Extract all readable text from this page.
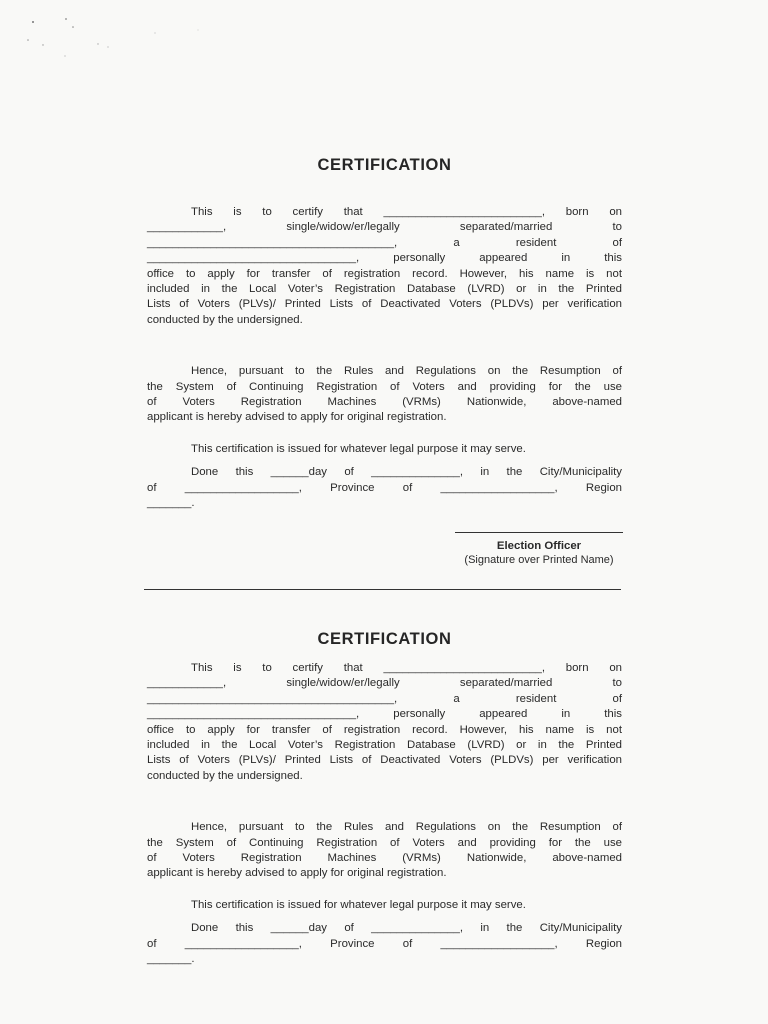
CERTIFICATION

This is to certify that _________________________, born on

____________, single/widow/er/legally separated/married to

_______________________________________, a resident of

_________________________________, personally appeared in this

office to apply for transfer of registration record. However, his name is not

included in the Local Voter’s Registration Database (LVRD) or in the Printed

Lists of Voters (PLVs)/ Printed Lists of Deactivated Voters (PLDVs) per verification

conducted by the undersigned.

Hence, pursuant to the Rules and Regulations on the Resumption of

the System of Continuing Registration of Voters and providing for the use

of Voters Registration Machines (VRMs) Nationwide, above-named

applicant is hereby advised to apply for original registration.

This certification is issued for whatever legal purpose it may serve.

Done this ______day of ______________, in the City/Municipality

of __________________, Province of __________________, Region

_______.

Election Officer
(Signature over Printed Name)
CERTIFICATION

This is to certify that _________________________, born on

____________, single/widow/er/legally separated/married to

_______________________________________, a resident of

_________________________________, personally appeared in this

office to apply for transfer of registration record. However, his name is not

included in the Local Voter’s Registration Database (LVRD) or in the Printed

Lists of Voters (PLVs)/ Printed Lists of Deactivated Voters (PLDVs) per verification

conducted by the undersigned.

Hence, pursuant to the Rules and Regulations on the Resumption of

the System of Continuing Registration of Voters and providing for the use

of Voters Registration Machines (VRMs) Nationwide, above-named

applicant is hereby advised to apply for original registration.

This certification is issued for whatever legal purpose it may serve.

Done this ______day of ______________, in the City/Municipality

of __________________, Province of __________________, Region

_______.
